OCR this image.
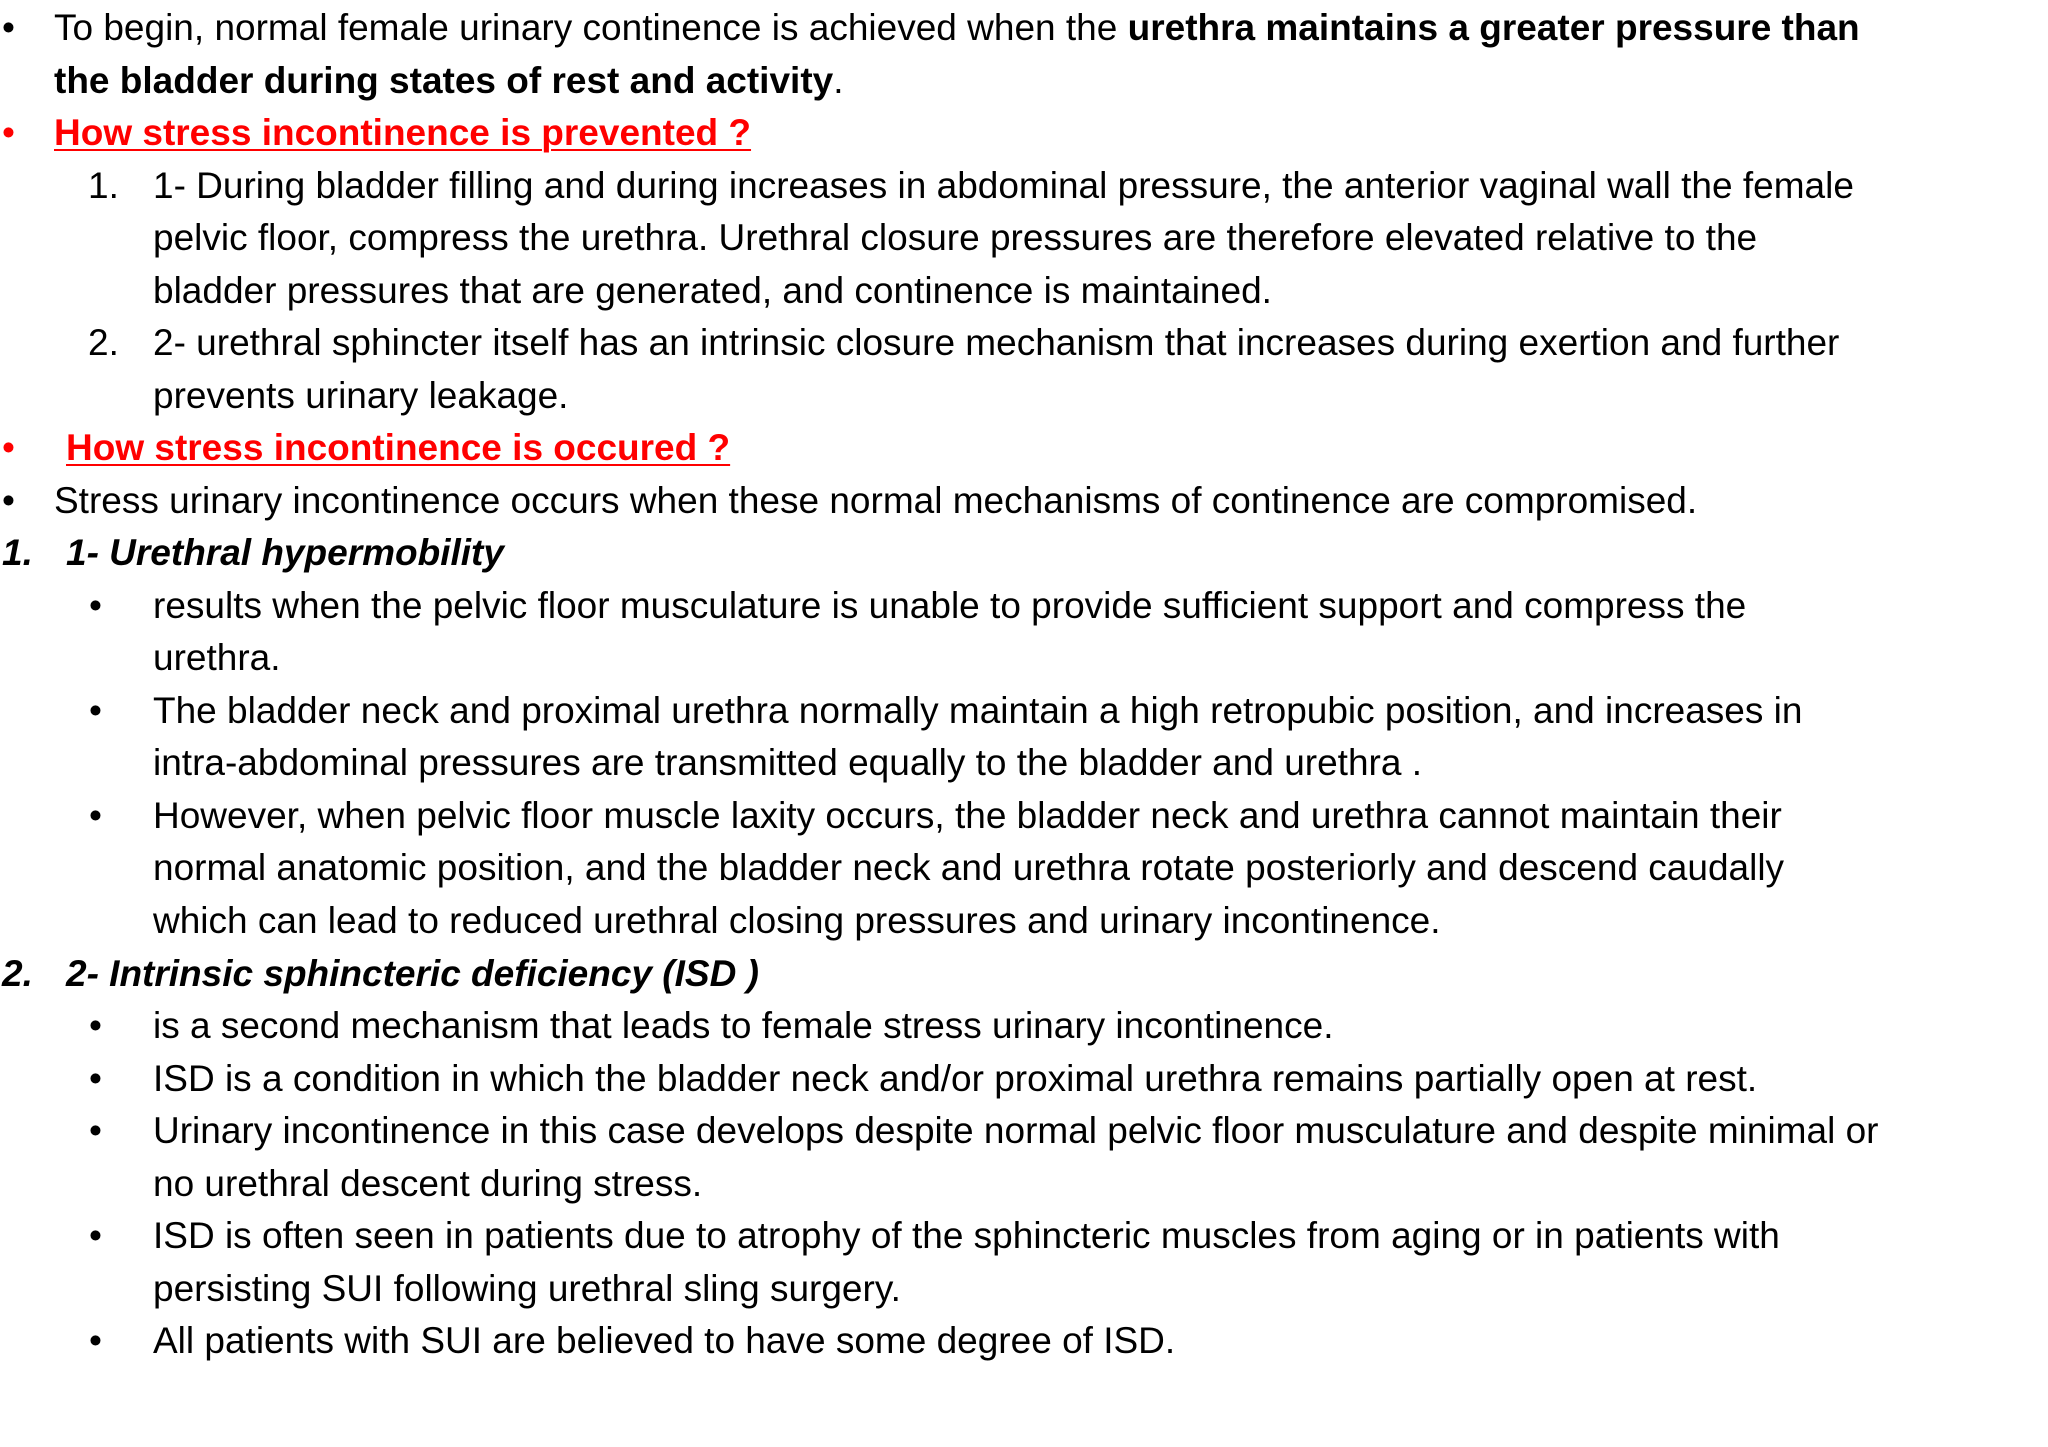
• To begin, normal female urinary continence is achieved when the urethra maintains a greater pressure than
the bladder during states of rest and activity.
• How stress incontinence is prevented ?
1. 1- During bladder filling and during increases in abdominal pressure, the anterior vaginal wall the female
pelvic floor, compress the urethra. Urethral closure pressures are therefore elevated relative to the
bladder pressures that are generated, and continence is maintained.
2. 2- urethral sphincter itself has an intrinsic closure mechanism that increases during exertion and further
prevents urinary leakage.
• How stress incontinence is occured ?
• Stress urinary incontinence occurs when these normal mechanisms of continence are compromised.
1. 1- Urethral hypermobility
• results when the pelvic floor musculature is unable to provide sufficient support and compress the
urethra.
• The bladder neck and proximal urethra normally maintain a high retropubic position, and increases in
intra-abdominal pressures are transmitted equally to the bladder and urethra .
• However, when pelvic floor muscle laxity occurs, the bladder neck and urethra cannot maintain their
normal anatomic position, and the bladder neck and urethra rotate posteriorly and descend caudally
which can lead to reduced urethral closing pressures and urinary incontinence.
2. 2- Intrinsic sphincteric deficiency (ISD )
• is a second mechanism that leads to female stress urinary incontinence.
• ISD is a condition in which the bladder neck and/or proximal urethra remains partially open at rest.
• Urinary incontinence in this case develops despite normal pelvic floor musculature and despite minimal or
no urethral descent during stress.
• ISD is often seen in patients due to atrophy of the sphincteric muscles from aging or in patients with
persisting SUI following urethral sling surgery.
• All patients with SUI are believed to have some degree of ISD.
